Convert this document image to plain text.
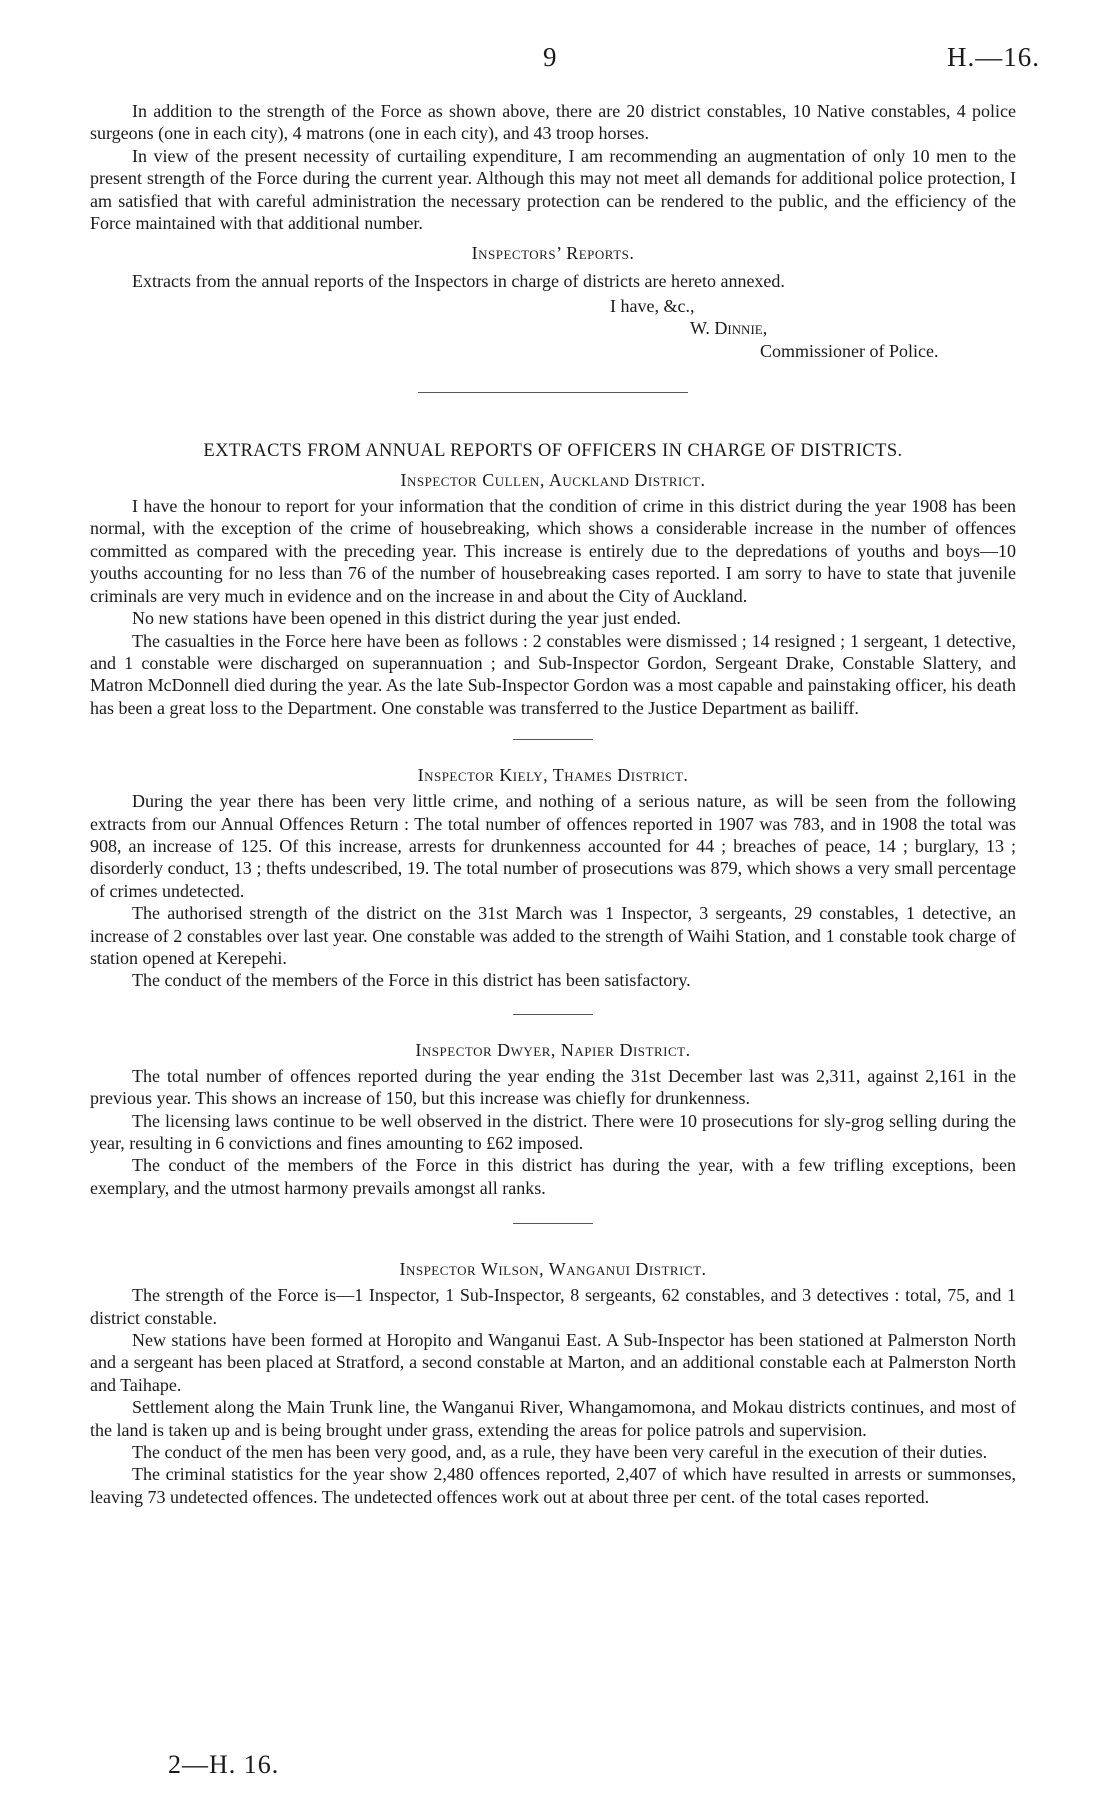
9	H.—16.

In addition to the strength of the Force as shown above, there are 20 district constables, 10 Native constables, 4 police surgeons (one in each city), 4 matrons (one in each city), and 43 troop horses.

In view of the present necessity of curtailing expenditure, I am recommending an augmentation of only 10 men to the present strength of the Force during the current year. Although this may not meet all demands for additional police protection, I am satisfied that with careful administration the necessary protection can be rendered to the public, and the efficiency of the Force maintained with that additional number.

Inspectors’ Reports.

Extracts from the annual reports of the Inspectors in charge of districts are hereto annexed.

I have, &c.,
W. Dinnie,
Commissioner of Police.
EXTRACTS FROM ANNUAL REPORTS OF OFFICERS IN CHARGE OF DISTRICTS.
Inspector Cullen, Auckland District.

I have the honour to report for your information that the condition of crime in this district during the year 1908 has been normal, with the exception of the crime of housebreaking, which shows a considerable increase in the number of offences committed as compared with the preceding year. This increase is entirely due to the depredations of youths and boys—10 youths accounting for no less than 76 of the number of housebreaking cases reported. I am sorry to have to state that juvenile criminals are very much in evidence and on the increase in and about the City of Auckland.

No new stations have been opened in this district during the year just ended.

The casualties in the Force here have been as follows : 2 constables were dismissed ; 14 resigned ; 1 sergeant, 1 detective, and 1 constable were discharged on superannuation ; and Sub-Inspector Gordon, Sergeant Drake, Constable Slattery, and Matron McDonnell died during the year. As the late Sub-Inspector Gordon was a most capable and painstaking officer, his death has been a great loss to the Department. One constable was transferred to the Justice Department as bailiff.

Inspector Kiely, Thames District.

During the year there has been very little crime, and nothing of a serious nature, as will be seen from the following extracts from our Annual Offences Return : The total number of offences reported in 1907 was 783, and in 1908 the total was 908, an increase of 125. Of this increase, arrests for drunkenness accounted for 44 ; breaches of peace, 14 ; burglary, 13 ; disorderly conduct, 13 ; thefts undescribed, 19. The total number of prosecutions was 879, which shows a very small percentage of crimes undetected.

The authorised strength of the district on the 31st March was 1 Inspector, 3 sergeants, 29 constables, 1 detective, an increase of 2 constables over last year. One constable was added to the strength of Waihi Station, and 1 constable took charge of station opened at Kerepehi.

The conduct of the members of the Force in this district has been satisfactory.

Inspector Dwyer, Napier District.

The total number of offences reported during the year ending the 31st December last was 2,311, against 2,161 in the previous year. This shows an increase of 150, but this increase was chiefly for drunkenness.

The licensing laws continue to be well observed in the district. There were 10 prosecutions for sly-grog selling during the year, resulting in 6 convictions and fines amounting to £62 imposed.

The conduct of the members of the Force in this district has during the year, with a few trifling exceptions, been exemplary, and the utmost harmony prevails amongst all ranks.

Inspector Wilson, Wanganui District.

The strength of the Force is—1 Inspector, 1 Sub-Inspector, 8 sergeants, 62 constables, and 3 detectives : total, 75, and 1 district constable.

New stations have been formed at Horopito and Wanganui East. A Sub-Inspector has been stationed at Palmerston North and a sergeant has been placed at Stratford, a second constable at Marton, and an additional constable each at Palmerston North and Taihape.

Settlement along the Main Trunk line, the Wanganui River, Whangamomona, and Mokau districts continues, and most of the land is taken up and is being brought under grass, extending the areas for police patrols and supervision.

The conduct of the men has been very good, and, as a rule, they have been very careful in the execution of their duties.

The criminal statistics for the year show 2,480 offences reported, 2,407 of which have resulted in arrests or summonses, leaving 73 undetected offences. The undetected offences work out at about three per cent. of the total cases reported.

2—H. 16.
